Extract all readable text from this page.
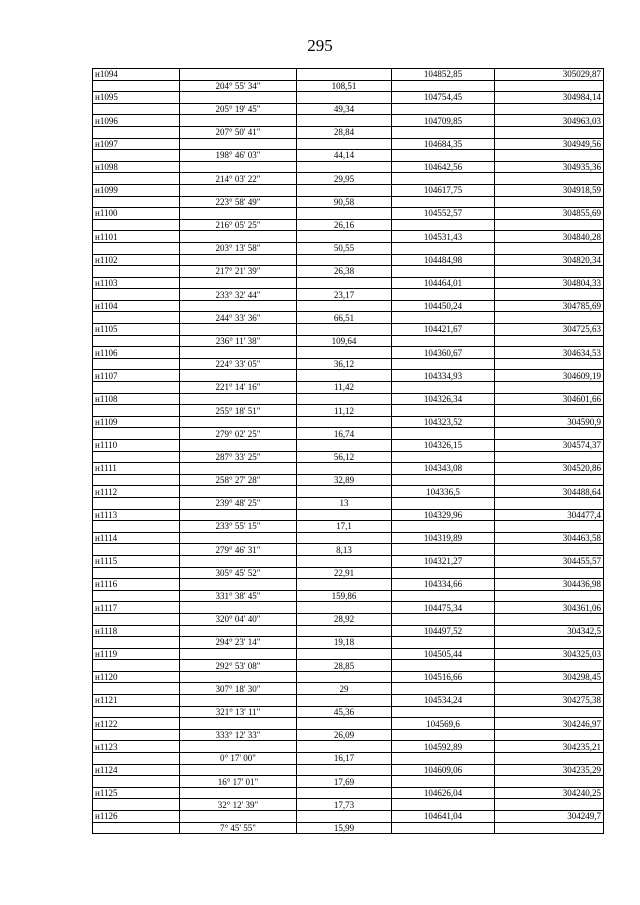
295
н1094			104852,85	305029,87
	204° 55' 34"	108,51		
н1095			104754,45	304984,14
	205° 19' 45"	49,34		
н1096			104709,85	304963,03
	207° 50' 41"	28,84		
н1097			104684,35	304949,56
	198° 46' 03"	44,14		
н1098			104642,56	304935,36
	214° 03' 22"	29,95		
н1099			104617,75	304918,59
	223° 58' 49"	90,58		
н1100			104552,57	304855,69
	216° 05' 25"	26,16		
н1101			104531,43	304840,28
	203° 13' 58"	50,55		
н1102			104484,98	304820,34
	217° 21' 39"	26,38		
н1103			104464,01	304804,33
	233° 32' 44"	23,17		
н1104			104450,24	304785,69
	244° 33' 36"	66,51		
н1105			104421,67	304725,63
	236° 11' 38"	109,64		
н1106			104360,67	304634,53
	224° 33' 05"	36,12		
н1107			104334,93	304609,19
	221° 14' 16"	11,42		
н1108			104326,34	304601,66
	255° 18' 51"	11,12		
н1109			104323,52	304590,9
	279° 02' 25"	16,74		
н1110			104326,15	304574,37
	287° 33' 25"	56,12		
н1111			104343,08	304520,86
	258° 27' 28"	32,89		
н1112			104336,5	304488,64
	239° 48' 25"	13		
н1113			104329,96	304477,4
	233° 55' 15"	17,1		
н1114			104319,89	304463,58
	279° 46' 31"	8,13		
н1115			104321,27	304455,57
	305° 45' 52"	22,91		
н1116			104334,66	304436,98
	331° 38' 45"	159,86		
н1117			104475,34	304361,06
	320° 04' 40"	28,92		
н1118			104497,52	304342,5
	294° 23' 14"	19,18		
н1119			104505,44	304325,03
	292° 53' 08"	28,85		
н1120			104516,66	304298,45
	307° 18' 30"	29		
н1121			104534,24	304275,38
	321° 13' 11"	45,36		
н1122			104569,6	304246,97
	333° 12' 33"	26,09		
н1123			104592,89	304235,21
	0° 17' 00"	16,17		
н1124			104609,06	304235,29
	16° 17' 01"	17,69		
н1125			104626,04	304240,25
	32° 12' 39"	17,73		
н1126			104641,04	304249,7
	7° 45' 55"	15,99		
